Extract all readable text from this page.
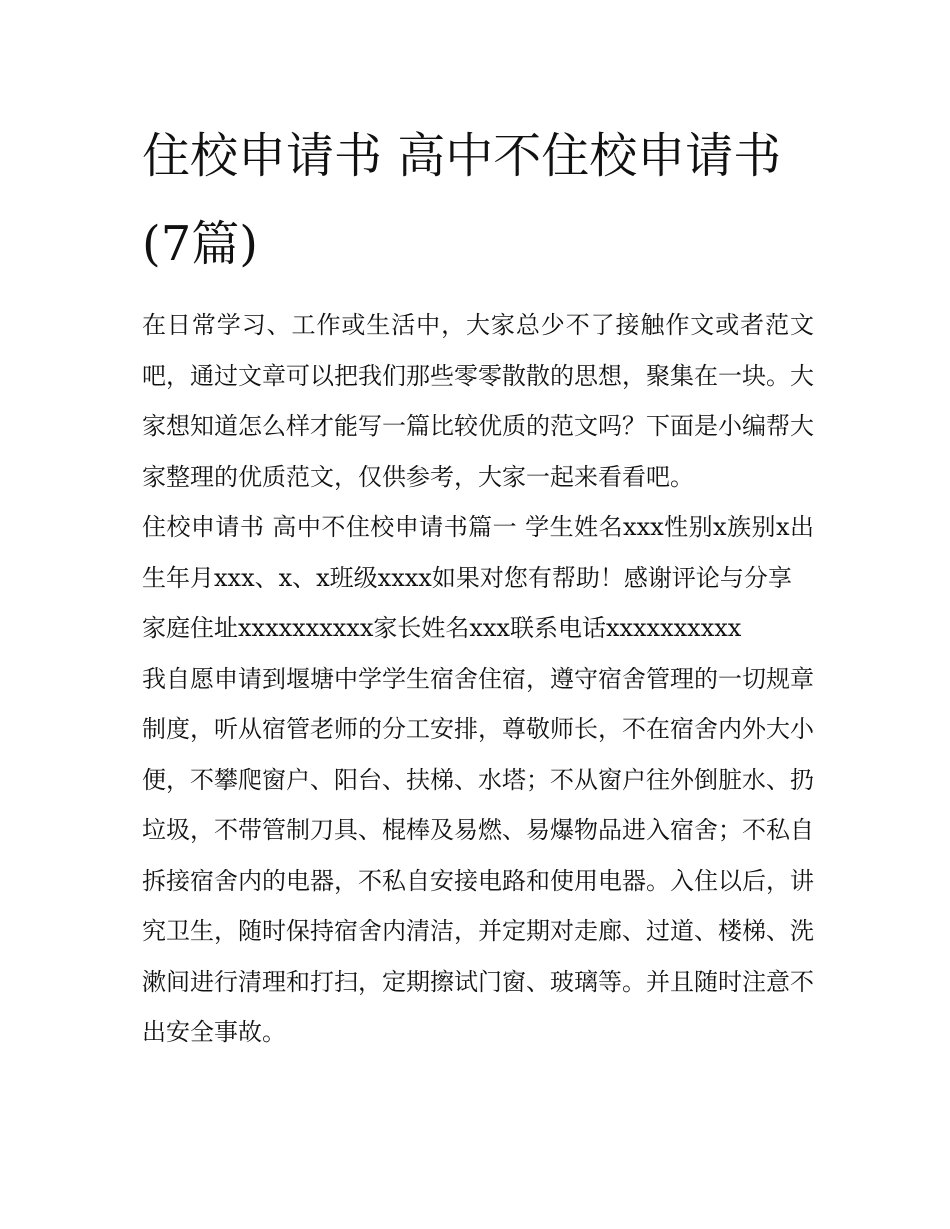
住校申请书 高中不住校申请书(7篇)

在日常学习、工作或生活中，大家总少不了接触作文或者范文吧，通过文章可以把我们那些零零散散的思想，聚集在一块。大家想知道怎么样才能写一篇比较优质的范文吗？下面是小编帮大家整理的优质范文，仅供参考，大家一起来看看吧。

住校申请书 高中不住校申请书篇一 学生姓名xxx性别x族别x出生年月xxx、x、x班级xxxx如果对您有帮助！感谢评论与分享

家庭住址xxxxxxxxxx家长姓名xxx联系电话xxxxxxxxxx

我自愿申请到堰塘中学学生宿舍住宿，遵守宿舍管理的一切规章制度，听从宿管老师的分工安排，尊敬师长，不在宿舍内外大小便，不攀爬窗户、阳台、扶梯、水塔；不从窗户往外倒脏水、扔垃圾，不带管制刀具、棍棒及易燃、易爆物品进入宿舍；不私自拆接宿舍内的电器，不私自安接电路和使用电器。入住以后，讲究卫生，随时保持宿舍内清洁，并定期对走廊、过道、楼梯、洗漱间进行清理和打扫，定期擦试门窗、玻璃等。并且随时注意不出安全事故。
